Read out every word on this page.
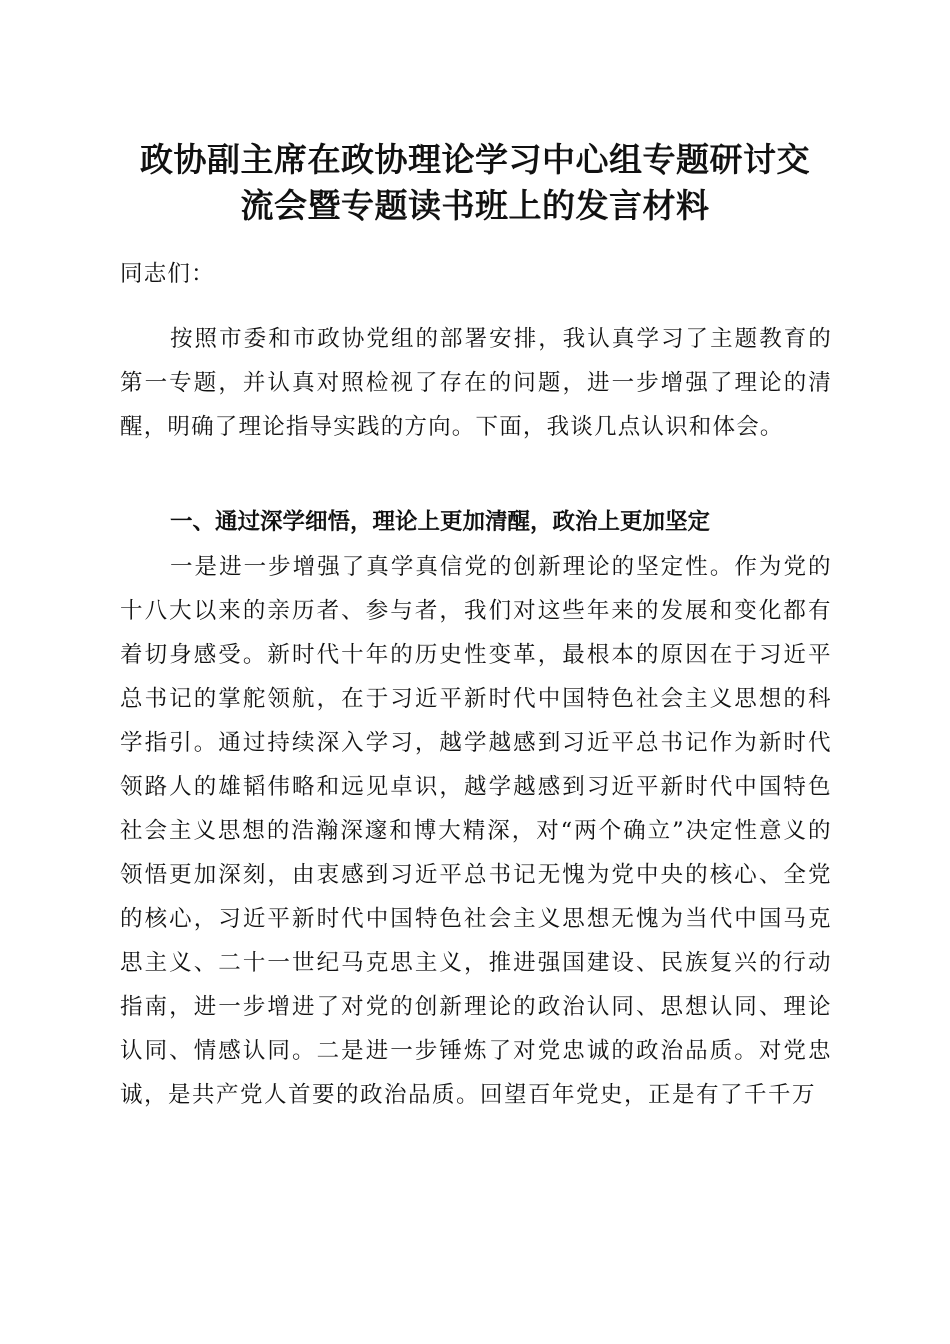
政协副主席在政协理论学习中心组专题研讨交
流会暨专题读书班上的发言材料

同志们：

按照市委和市政协党组的部署安排，我认真学习了主题教育的第一专题，并认真对照检视了存在的问题，进一步增强了理论的清醒，明确了理论指导实践的方向。下面，我谈几点认识和体会。

一、通过深学细悟，理论上更加清醒，政治上更加坚定

一是进一步增强了真学真信党的创新理论的坚定性。作为党的十八大以来的亲历者、参与者，我们对这些年来的发展和变化都有着切身感受。新时代十年的历史性变革，最根本的原因在于习近平总书记的掌舵领航，在于习近平新时代中国特色社会主义思想的科学指引。通过持续深入学习，越学越感到习近平总书记作为新时代领路人的雄韬伟略和远见卓识，越学越感到习近平新时代中国特色社会主义思想的浩瀚深邃和博大精深，对“两个确立”决定性意义的领悟更加深刻，由衷感到习近平总书记无愧为党中央的核心、全党的核心，习近平新时代中国特色社会主义思想无愧为当代中国马克思主义、二十一世纪马克思主义，推进强国建设、民族复兴的行动指南，进一步增进了对党的创新理论的政治认同、思想认同、理论认同、情感认同。二是进一步锤炼了对党忠诚的政治品质。对党忠诚，是共产党人首要的政治品质。回望百年党史，正是有了千千万
